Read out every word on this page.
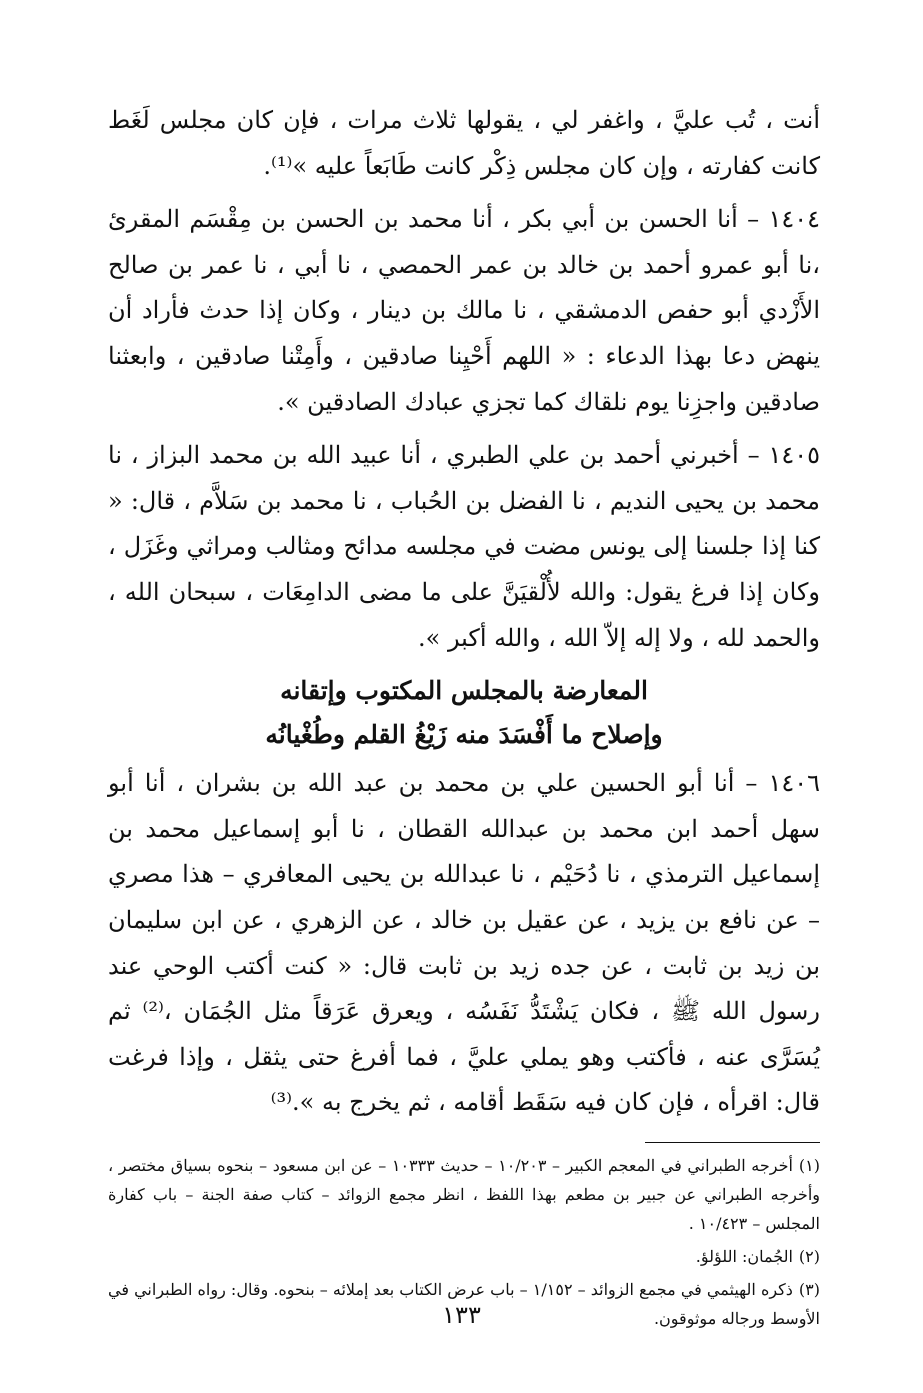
أنت ، تُب عليَّ ، واغفر لي ، يقولها ثلاث مرات ، فإن كان مجلس لَغَط كانت كفارته ، وإن كان مجلس ذِكْر كانت طَابَعاً عليه »⁽¹⁾.

١٤٠٤ – أنا الحسن بن أبي بكر ، أنا محمد بن الحسن بن مِقْسَم المقرئ ،نا أبو عمرو أحمد بن خالد بن عمر الحمصي ، نا أبي ، نا عمر بن صالح الأَزْدي أبو حفص الدمشقي ، نا مالك بن دينار ، وكان إذا حدث فأراد أن ينهض دعا بهذا الدعاء : « اللهم أَحْيِنا صادقين ، وأَمِتْنا صادقين ، وابعثنا صادقين واجزِنا يوم نلقاك كما تجزي عبادك الصادقين ».

١٤٠٥ – أخبرني أحمد بن علي الطبري ، أنا عبيد الله بن محمد البزاز ، نا محمد بن يحيى النديم ، نا الفضل بن الحُباب ، نا محمد بن سَلاَّم ، قال: « كنا إذا جلسنا إلى يونس مضت في مجلسه مدائح ومثالب ومراثي وغَزَل ، وكان إذا فرغ يقول: والله لأُلْقيَنَّ على ما مضى الدامِعَات ، سبحان الله ، والحمد لله ، ولا إله إلاّ الله ، والله أكبر ».

المعارضة بالمجلس المكتوب وإتقانه

وإصلاح ما أَفْسَدَ منه زَيْغُ القلم وطُغْيانُه

١٤٠٦ – أنا أبو الحسين علي بن محمد بن عبد الله بن بشران ، أنا أبو سهل أحمد ابن محمد بن عبدالله القطان ، نا أبو إسماعيل محمد بن إسماعيل الترمذي ، نا دُحَيْم ، نا عبدالله بن يحيى المعافري – هذا مصري – عن نافع بن يزيد ، عن عقيل بن خالد ، عن الزهري ، عن ابن سليمان بن زيد بن ثابت ، عن جده زيد بن ثابت قال: « كنت أكتب الوحي عند رسول الله ﷺ ، فكان يَشْتَدُّ نَفَسُه ، ويعرق عَرَقاً مثل الجُمَان ،⁽²⁾ ثم يُسَرَّى عنه ، فأكتب وهو يملي عليَّ ، فما أفرغ حتى يثقل ، وإذا فرغت قال: اقرأه ، فإن كان فيه سَقَط أقامه ، ثم يخرج به ».⁽³⁾

(١)أخرجه الطبراني في المعجم الكبير – ١٠/٢٠٣ – حديث ١٠٣٣٣ – عن ابن مسعود – بنحوه بسياق مختصر ، وأخرجه الطبراني عن جبير بن مطعم بهذا اللفظ ، انظر مجمع الزوائد – كتاب صفة الجنة – باب كفارة المجلس – ١٠/٤٢٣ .

(٢)الجُمان: اللؤلؤ.

(٣)ذكره الهيثمي في مجمع الزوائد – ١/١٥٢ – باب عرض الكتاب بعد إملائه – بنحوه. وقال: رواه الطبراني في الأوسط ورجاله موثوقون.

١٣٣
